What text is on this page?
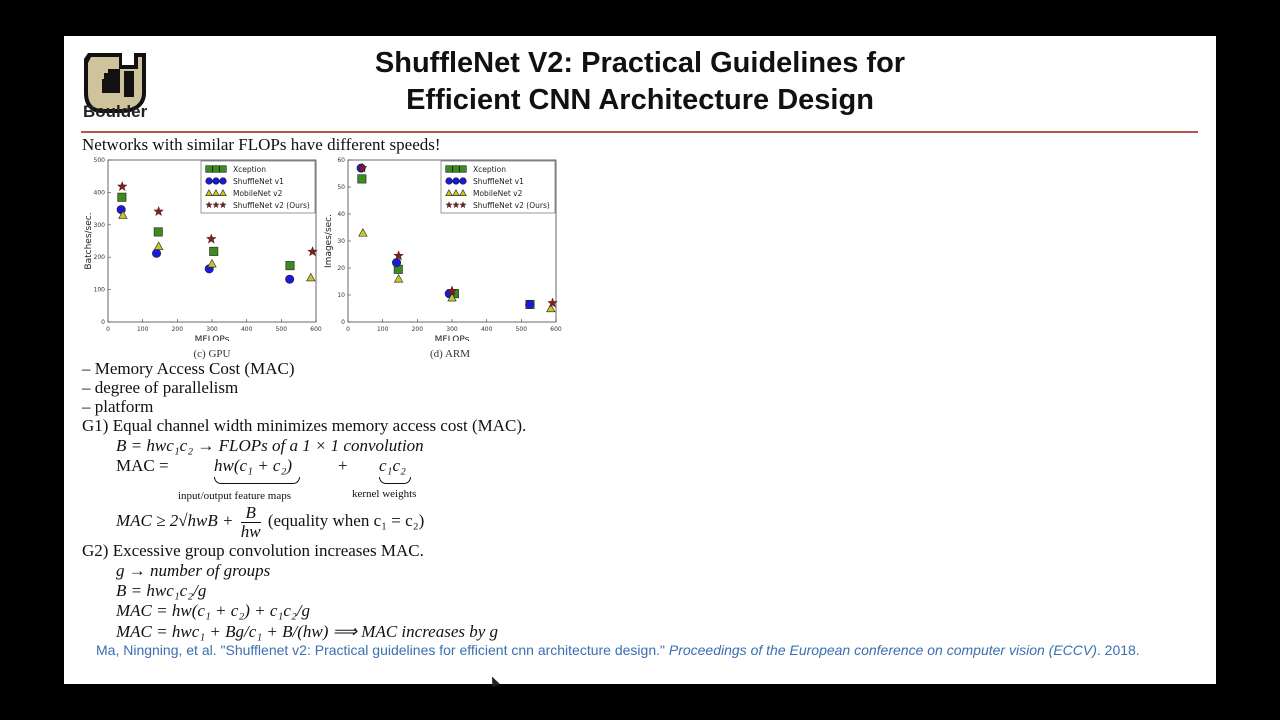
Boulder
ShuffleNet V2: Practical Guidelines for
Efficient CNN Architecture Design
Networks with similar FLOPs have different speeds!
0	100	200	300	400	500	600
0
100
200
300
400
500
MFLOPs
Batches/sec.
Xception
ShuffleNet v1
MobileNet v2
ShuffleNet v2 (Ours)
(c) GPU
0	100	200	300	400	500	600
0
10
20
30
40
50
60
MFLOPs
Images/sec.
Xception
ShuffleNet v1
MobileNet v2
ShuffleNet v2 (Ours)
(d) ARM
– Memory Access Cost (MAC)
– degree of parallelism
– platform
G1) Equal channel width minimizes memory access cost (MAC).
B = hwc₁c₂ → FLOPs of a 1 × 1 convolution
MAC =	hw(c₁ + c₂)	+ c₁c₂
input/output feature maps	kernel weights
MAC ≥ $2√hwB + \frac{B}{hw}$ (equality when c₁ = c₂)
G2) Excessive group convolution increases MAC.
g → number of groups
B = hwc₁c₂/g
MAC = hw(c₁ + c₂) + c₁c₂/g
MAC = hwc₁ + Bg/c₁ + B/(hw) ⟹ MAC increases by g
Ma, Ningning, et al. "Shufflenet v2: Practical guidelines for efficient cnn architecture design." Proceedings of the European conference on computer vision (ECCV). 2018.
